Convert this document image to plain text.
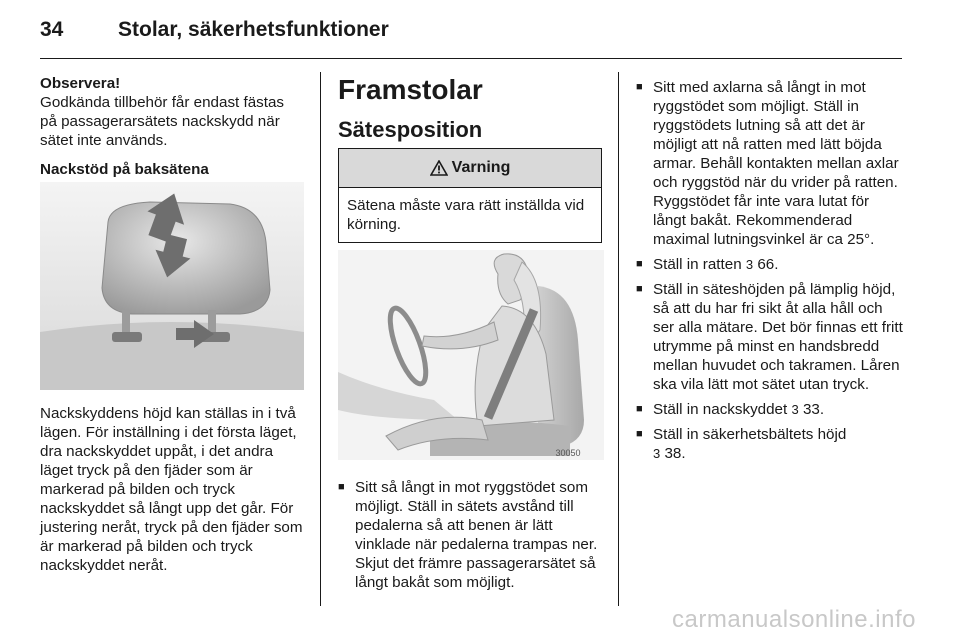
34	Stolar, säkerhetsfunktioner
Observera!

Godkända tillbehör får endast fästas på passagerarsätets nackskydd när sätet inte används.

Nackstöd på baksätena

Nackskyddens höjd kan ställas in i två lägen. För inställning i det första läget, dra nackskyddet uppåt, i det andra läget tryck på den fjäder som är markerad på bilden och tryck nackskyddet så långt upp det går. För justering neråt, tryck på den fjäder som är markerad på bilden och tryck nackskyddet neråt.

Framstolar

Sätesposition

Varning
Sätena måste vara rätt inställda vid körning.
30050
■ Sitt så långt in mot ryggstödet som möjligt. Ställ in sätets avstånd till pedalerna så att benen är lätt vinklade när pedalerna trampas ner. Skjut det främre passagerarsätet så långt bakåt som möjligt.
■ Sitt med axlarna så långt in mot ryggstödet som möjligt. Ställ in ryggstödets lutning så att det är möjligt att nå ratten med lätt böjda armar. Behåll kontakten mellan axlar och ryggstöd när du vrider på ratten. Ryggstödet får inte vara lutat för långt bakåt. Rekommenderad maximal lutningsvinkel är ca 25°.
■ Ställ in ratten 3 66.
■ Ställ in säteshöjden på lämplig höjd, så att du har fri sikt åt alla håll och ser alla mätare. Det bör finnas ett fritt utrymme på minst en handsbredd mellan huvudet och takramen. Låren ska vila lätt mot sätet utan tryck.
■ Ställ in nackskyddet 3 33.
■ Ställ in säkerhetsbältets höjd
3 38.
carmanualsonline.info
